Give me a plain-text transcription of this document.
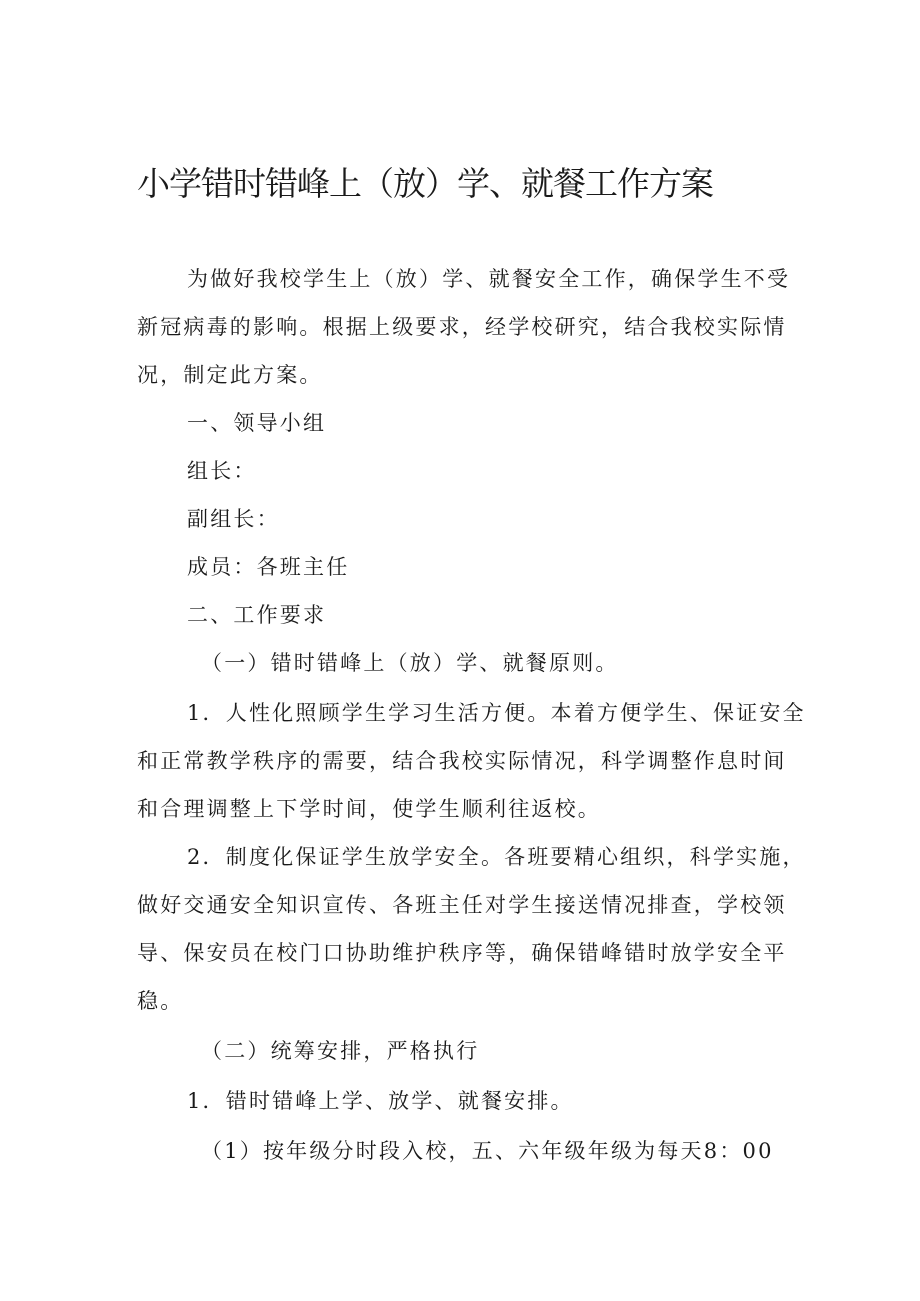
小学错时错峰上（放）学、就餐工作方案
为做好我校学生上（放）学、就餐安全工作，确保学生不受
新冠病毒的影响。根据上级要求，经学校研究，结合我校实际情
况，制定此方案。
一、领导小组
组长：
副组长：
成员：各班主任
二、工作要求
（一）错时错峰上（放）学、就餐原则。
1．人性化照顾学生学习生活方便。本着方便学生、保证安全
和正常教学秩序的需要，结合我校实际情况，科学调整作息时间
和合理调整上下学时间，使学生顺利往返校。
2．制度化保证学生放学安全。各班要精心组织，科学实施，
做好交通安全知识宣传、各班主任对学生接送情况排查，学校领
导、保安员在校门口协助维护秩序等，确保错峰错时放学安全平
稳。
（二）统筹安排，严格执行
1．错时错峰上学、放学、就餐安排。
（1）按年级分时段入校，五、六年级年级为每天8：00
